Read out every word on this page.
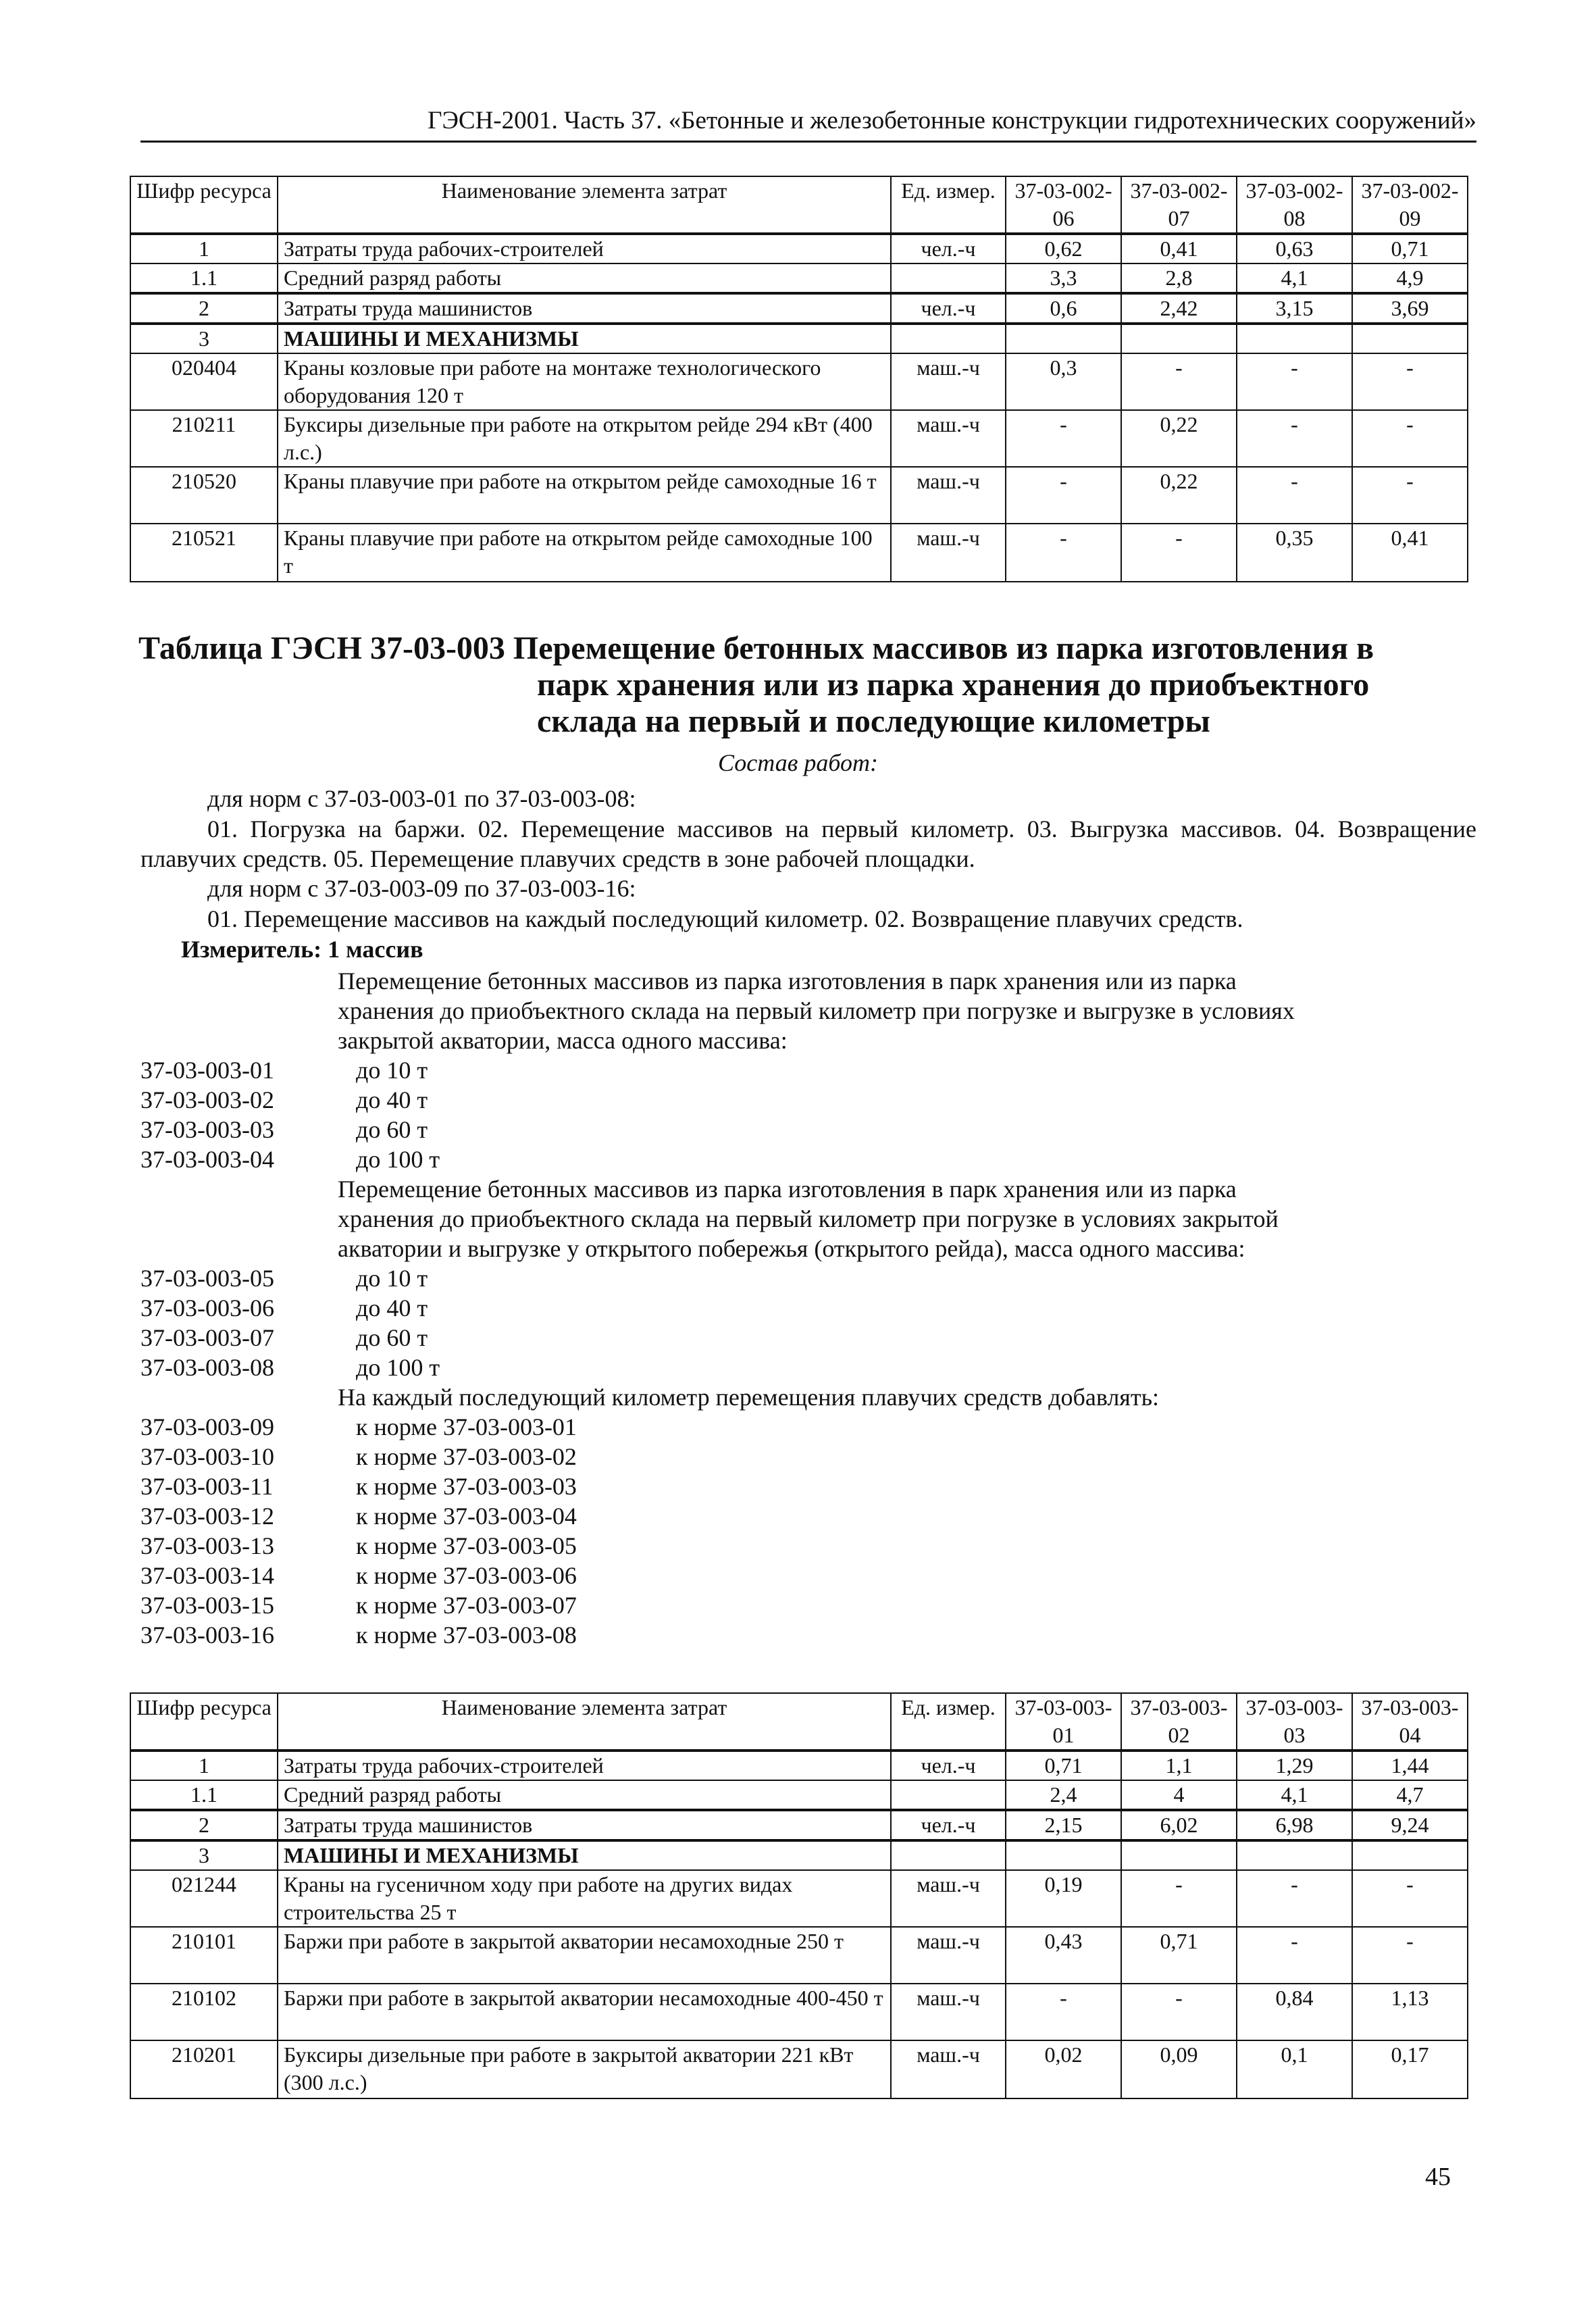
ГЭСН-2001. Часть 37. «Бетонные и железобетонные конструкции гидротехнических сооружений»
Шифр ресурса	Наименование элемента затрат	Ед. измер.	37-03-002-06	37-03-002-07	37-03-002-08	37-03-002-09
1	Затраты труда рабочих-строителей	чел.-ч	0,62	0,41	0,63	0,71
1.1	Средний разряд работы		3,3	2,8	4,1	4,9
2	Затраты труда машинистов	чел.-ч	0,6	2,42	3,15	3,69
3	МАШИНЫ И МЕХАНИЗМЫ					
020404	Краны козловые при работе на монтаже технологического оборудования 120 т	маш.-ч	0,3	-	-	-
210211	Буксиры дизельные при работе на открытом рейде 294 кВт (400 л.с.)	маш.-ч	-	0,22	-	-
210520	Краны плавучие при работе на открытом рейде самоходные 16 т	маш.-ч	-	0,22	-	-
210521	Краны плавучие при работе на открытом рейде самоходные 100 т	маш.-ч	-	-	0,35	0,41
Таблица ГЭСН 37-03-003 Перемещение бетонных массивов из парка изготовления в
парк хранения или из парка хранения до приобъектного
склада на первый и последующие километры
Состав работ:
для норм с 37-03-003-01 по 37-03-003-08:
01. Погрузка на баржи. 02. Перемещение массивов на первый километр. 03. Выгрузка массивов. 04. Возвращение плавучих средств. 05. Перемещение плавучих средств в зоне рабочей площадки.
для норм с 37-03-003-09 по 37-03-003-16:
01. Перемещение массивов на каждый последующий километр. 02. Возвращение плавучих средств.
Измеритель: 1 массив
Перемещение бетонных массивов из парка изготовления в парк хранения или из парка
хранения до приобъектного склада на первый километр при погрузке и выгрузке в условиях
закрытой акватории, масса одного массива:
37-03-003-01	до 10 т
37-03-003-02	до 40 т
37-03-003-03	до 60 т
37-03-003-04	до 100 т
Перемещение бетонных массивов из парка изготовления в парк хранения или из парка
хранения до приобъектного склада на первый километр при погрузке в условиях закрытой
акватории и выгрузке у открытого побережья (открытого рейда), масса одного массива:
37-03-003-05	до 10 т
37-03-003-06	до 40 т
37-03-003-07	до 60 т
37-03-003-08	до 100 т
На каждый последующий километр перемещения плавучих средств добавлять:
37-03-003-09	к норме 37-03-003-01
37-03-003-10	к норме 37-03-003-02
37-03-003-11	к норме 37-03-003-03
37-03-003-12	к норме 37-03-003-04
37-03-003-13	к норме 37-03-003-05
37-03-003-14	к норме 37-03-003-06
37-03-003-15	к норме 37-03-003-07
37-03-003-16	к норме 37-03-003-08
Шифр ресурса	Наименование элемента затрат	Ед. измер.	37-03-003-01	37-03-003-02	37-03-003-03	37-03-003-04
1	Затраты труда рабочих-строителей	чел.-ч	0,71	1,1	1,29	1,44
1.1	Средний разряд работы		2,4	4	4,1	4,7
2	Затраты труда машинистов	чел.-ч	2,15	6,02	6,98	9,24
3	МАШИНЫ И МЕХАНИЗМЫ					
021244	Краны на гусеничном ходу при работе на других видах строительства 25 т	маш.-ч	0,19	-	-	-
210101	Баржи при работе в закрытой акватории несамоходные 250 т	маш.-ч	0,43	0,71	-	-
210102	Баржи при работе в закрытой акватории несамоходные 400-450 т	маш.-ч	-	-	0,84	1,13
210201	Буксиры дизельные при работе в закрытой акватории 221 кВт (300 л.с.)	маш.-ч	0,02	0,09	0,1	0,17
45
